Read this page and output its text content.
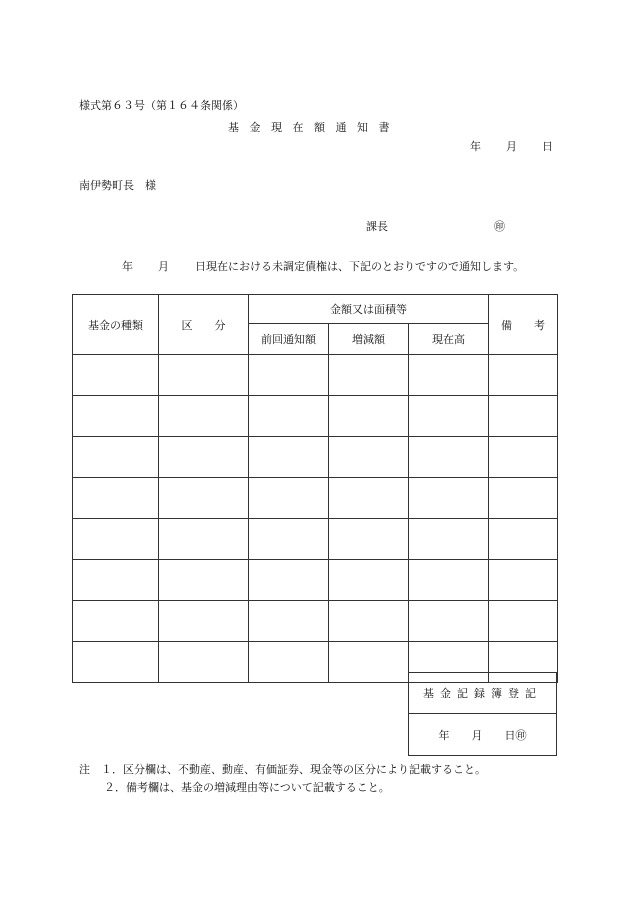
様式第６３号（第１６４条関係）
基金現在額通知書
年 月 日
南伊勢町長　様
課長	㊞
年 月 日現在における未調定債権は、下記のとおりですので通知します。
基金の種類	区　　分	金額又は面積等			備　　考
		前回通知額	増減額	現在高	

基金記録簿登記
年 月 日㊞
注　１．区分欄は、不動産、動産、有価証券、現金等の区分により記載すること。
２．備考欄は、基金の増減理由等について記載すること。
